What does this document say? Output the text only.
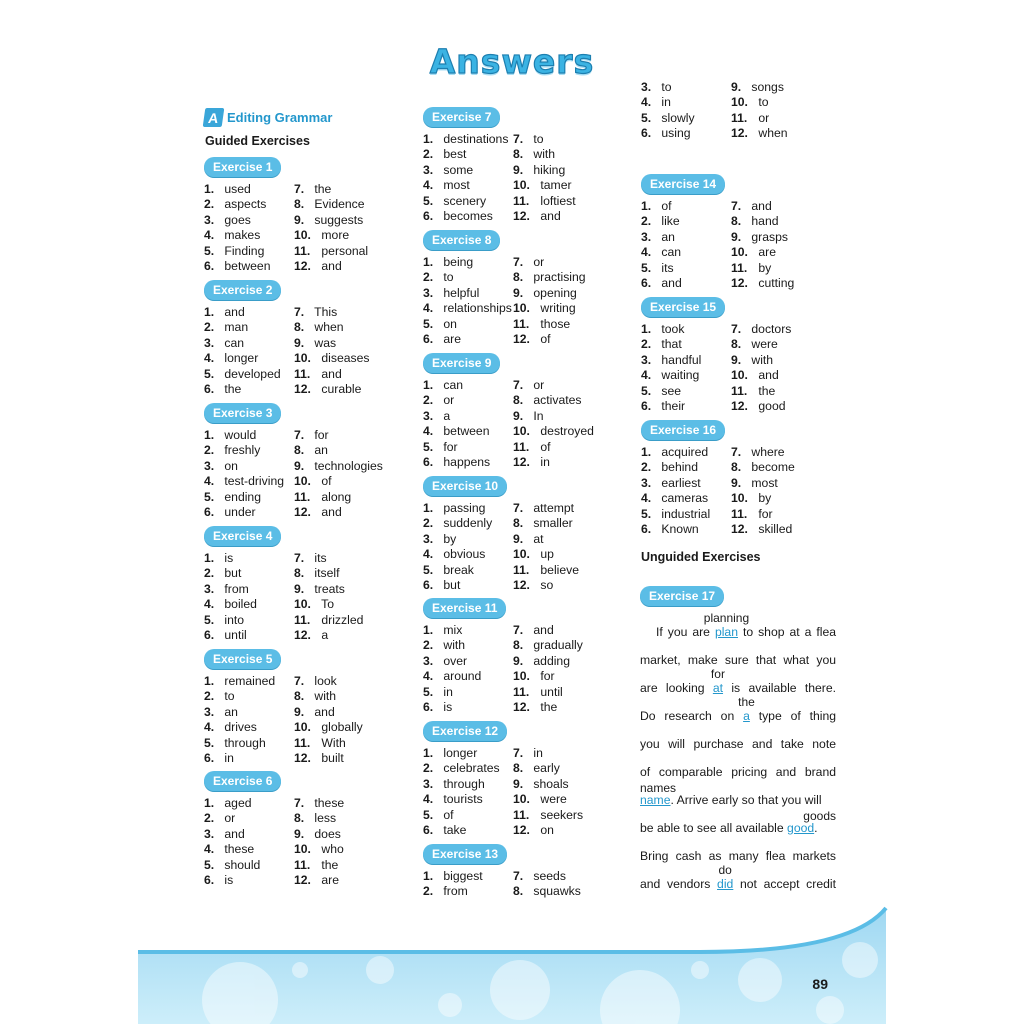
Answers
A Editing Grammar
Guided Exercises
Exercise 1
1. used	7. the
2. aspects	8. Evidence
3. goes	9. suggests
4. makes	10. more
5. Finding	11. personal
6. between	12. and
Exercise 2
1. and	7. This
2. man	8. when
3. can	9. was
4. longer	10. diseases
5. developed	11. and
6. the	12. curable
Exercise 3
1. would	7. for
2. freshly	8. an
3. on	9. technologies
4. test-driving 10. of
5. ending	11. along
6. under	12. and
Exercise 4
1. is	7. its
2. but	8. itself
3. from	9. treats
4. boiled	10. To
5. into	11. drizzled
6. until	12. a
Exercise 5
1. remained	7. look
2. to	8. with
3. an	9. and
4. drives	10. globally
5. through	11. With
6. in	12. built
Exercise 6
1. aged	7. these
2. or	8. less
3. and	9. does
4. these	10. who
5. should	11. the
6. is	12. are
Exercise 7
1. destinations 7. to
2. best	8. with
3. some	9. hiking
4. most	10. tamer
5. scenery	11. loftiest
6. becomes	12. and
Exercise 8
1. being	7. or
2. to	8. practising
3. helpful	9. opening
4. relationships 10. writing
5. on	11. those
6. are	12. of
Exercise 9
1. can	7. or
2. or	8. activates
3. a	9. In
4. between	10. destroyed
5. for	11. of
6. happens	12. in
Exercise 10
1. passing	7. attempt
2. suddenly	8. smaller
3. by	9. at
4. obvious	10. up
5. break	11. believe
6. but	12. so
Exercise 11
1. mix	7. and
2. with	8. gradually
3. over	9. adding
4. around	10. for
5. in	11. until
6. is	12. the
Exercise 12
1. longer	7. in
2. celebrates	8. early
3. through	9. shoals
4. tourists	10. were
5. of	11. seekers
6. take	12. on
Exercise 13
1. biggest	7. seeds
2. from	8. squawks
3. to	9. songs
4. in	10. to
5. slowly	11. or
6. using	12. when
Exercise 14
1. of	7. and
2. like	8. hand
3. an	9. grasps
4. can	10. are
5. its	11. by
6. and	12. cutting
Exercise 15
1. took	7. doctors
2. that	8. were
3. handful	9. with
4. waiting	10. and
5. see	11. the
6. their	12. good
Exercise 16
1. acquired	7. where
2. behind	8. become
3. earliest	9. most
4. cameras	10. by
5. industrial	11. for
6. Known	12. skilled
Unguided Exercises
Exercise 17
If you are plan
planning
to shop at a flea
market, make sure that what you
are looking at
for
is available there.
Do research on a
the
type of thing
you will purchase and take note
of comparable pricing and brand
names
name. Arrive early so that you will
goods
be able to see all available good.
Bring cash as many flea markets
and vendors did
do
not accept credit
89
